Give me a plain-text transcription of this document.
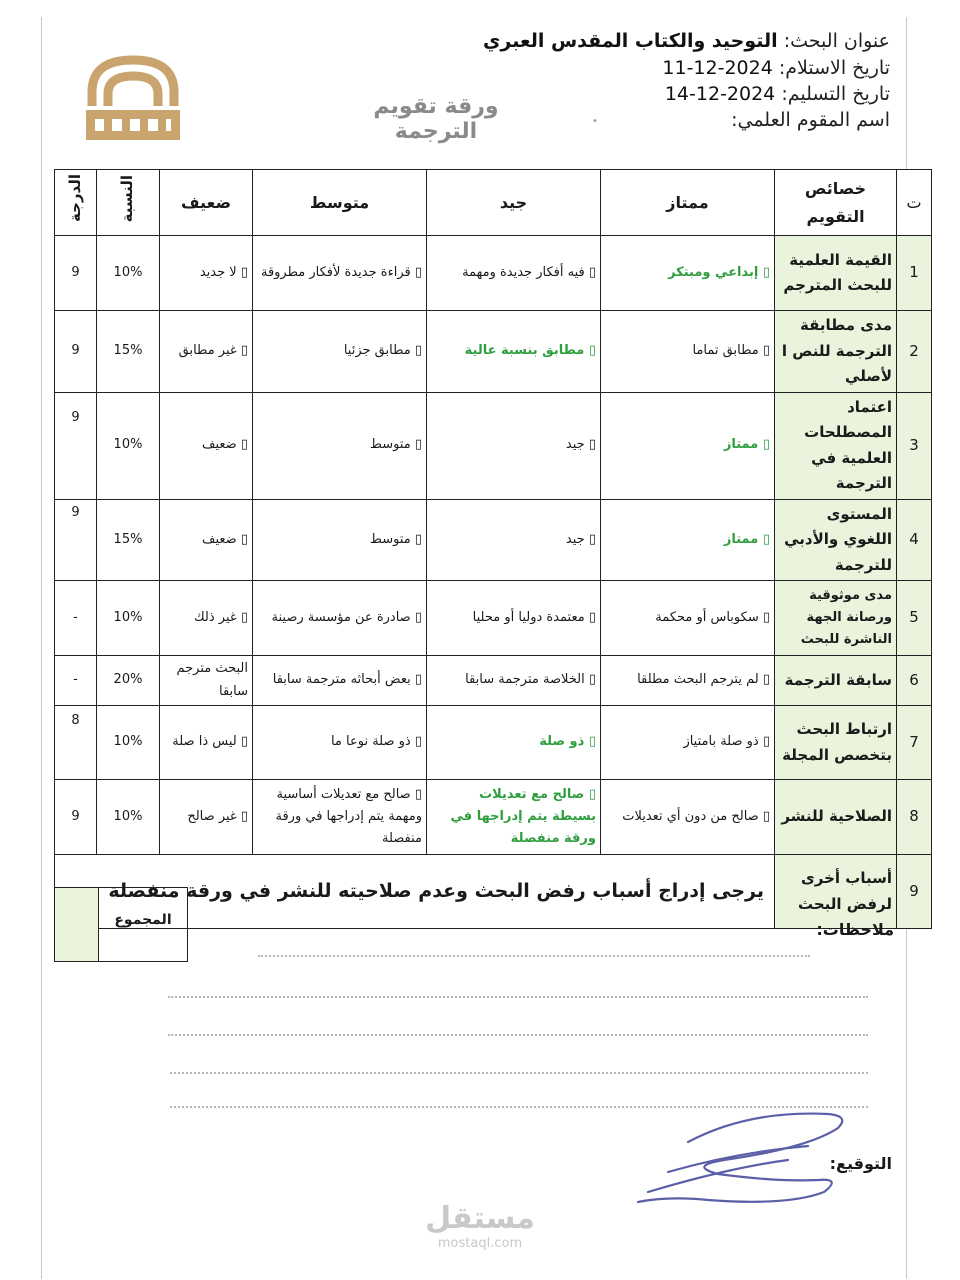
عنوان البحث: التوحيد والكتاب المقدس العبري
تاريخ الاستلام: 2024-12-11
تاريخ التسليم: 2024-12-14
اسم المقوم العلمي:
ورقة تقويم الترجمة	•
ت	خصائص التقويم	ممتاز	جيد	متوسط	ضعيف	النسبة	الدرجة
1	القيمة العلمية للبحث المترجم	▯ إبداعي ومبتكر	▯ فيه أفكار جديدة ومهمة	▯ قراءة جديدة لأفكار مطروقة	▯ لا جديد	10%	9
2	مدى مطابقة الترجمة للنص ا لأصلي	▯ مطابق تماما	▯ مطابق بنسبة عالية	▯ مطابق جزئيا	▯ غير مطابق	15%	9
3	اعتماد المصطلحات العلمية في الترجمة	▯ ممتاز	▯ جيد	▯ متوسط	▯ ضعيف	10%	9
4	المستوى اللغوي والأدبي للترجمة	▯ ممتاز	▯ جيد	▯ متوسط	▯ ضعيف	15%	9
5	مدى موثوقية ورصانة الجهة الناشرة للبحث	▯ سكوباس أو محكمة	▯ معتمدة دوليا أو محليا	▯ صادرة عن مؤسسة رصينة	▯ غير ذلك	10%	-
6	سابقة الترجمة	▯ لم يترجم البحث مطلقا	▯ الخلاصة مترجمة سابقا	▯ بعض أبحاثه مترجمة سابقا	البحث مترجم سابقا	20%	-
7	ارتباط البحث بتخصص المجلة	▯ ذو صلة بامتياز	▯ ذو صلة	▯ ذو صلة نوعا ما	▯ ليس ذا صلة	10%	8
8	الصلاحية للنشر	▯ صالح من دون أي تعديلات	▯ صالح مع تعديلات بسيطة يتم إدراجها في ورقة منفصلة	▯ صالح مع تعديلات أساسية ومهمة يتم إدراجها في ورقة منفصلة	▯ غير صالح	10%	9
9	أسباب أخرى لرفض البحث	يرجى إدراج أسباب رفض البحث وعدم صلاحيته للنشر في ورقة منفصلة					
المجموع	ملاحظات:
التوقيع:
مستقل
mostaql.com
